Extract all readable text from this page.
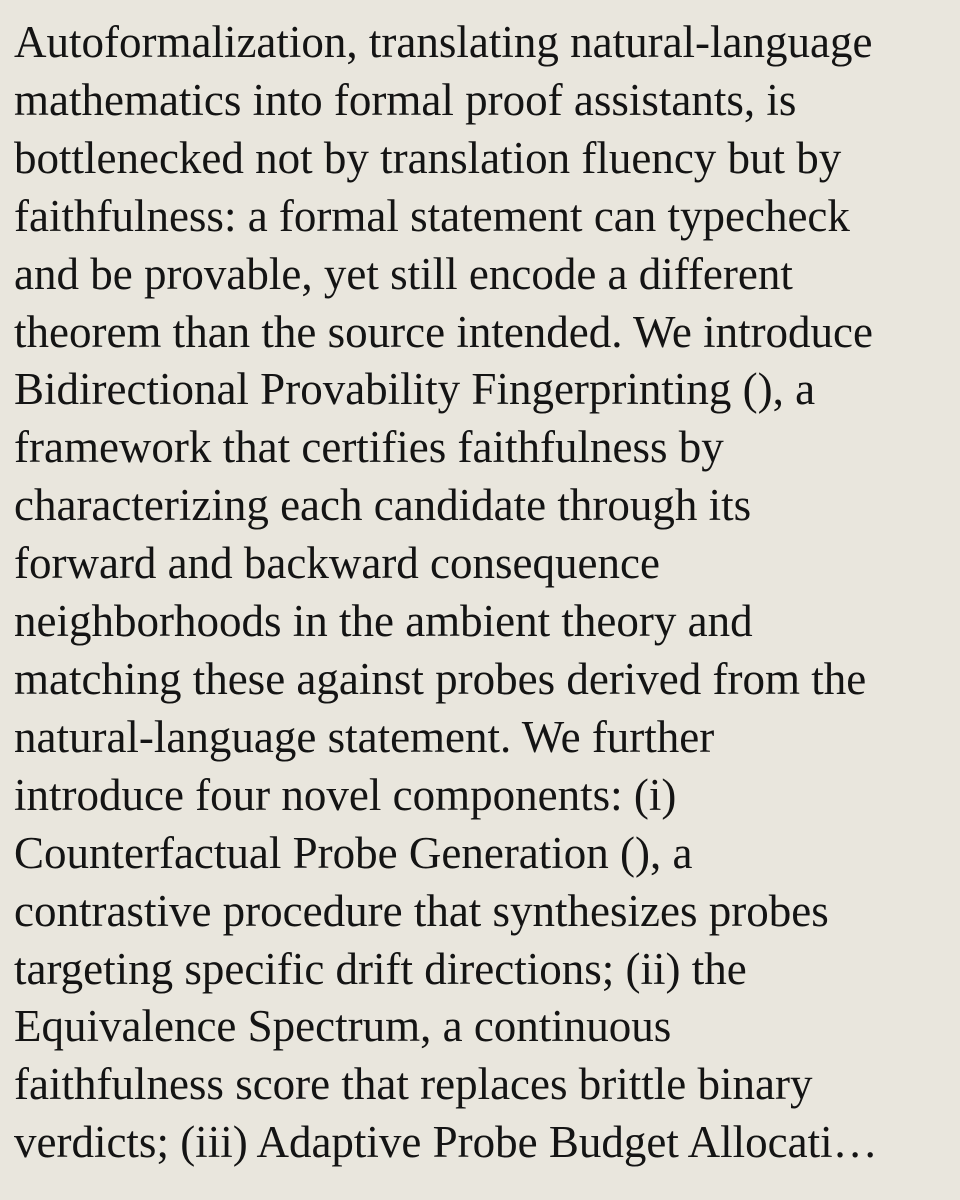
Autoformalization, translating natural-language
mathematics into formal proof assistants, is
bottlenecked not by translation fluency but by
faithfulness: a formal statement can typecheck
and be provable, yet still encode a different
theorem than the source intended. We introduce
Bidirectional Provability Fingerprinting (), a
framework that certifies faithfulness by
characterizing each candidate through its
forward and backward consequence
neighborhoods in the ambient theory and
matching these against probes derived from the
natural-language statement. We further
introduce four novel components: (i)
Counterfactual Probe Generation (), a
contrastive procedure that synthesizes probes
targeting specific drift directions; (ii) the
Equivalence Spectrum, a continuous
faithfulness score that replaces brittle binary
verdicts; (iii) Adaptive Probe Budget Allocati…
